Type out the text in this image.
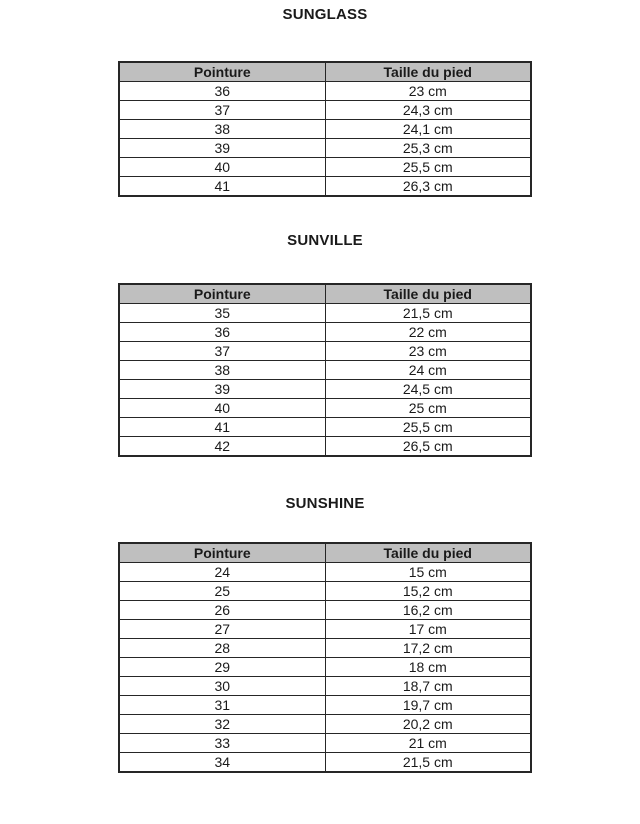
SUNGLASS
Pointure	Taille du pied
36	23 cm
37	24,3 cm
38	24,1 cm
39	25,3 cm
40	25,5 cm
41	26,3 cm
SUNVILLE
Pointure	Taille du pied
35	21,5 cm
36	22 cm
37	23 cm
38	24 cm
39	24,5 cm
40	25 cm
41	25,5 cm
42	26,5 cm
SUNSHINE
Pointure	Taille du pied
24	15 cm
25	15,2 cm
26	16,2 cm
27	17 cm
28	17,2 cm
29	18 cm
30	18,7 cm
31	19,7 cm
32	20,2 cm
33	21 cm
34	21,5 cm
